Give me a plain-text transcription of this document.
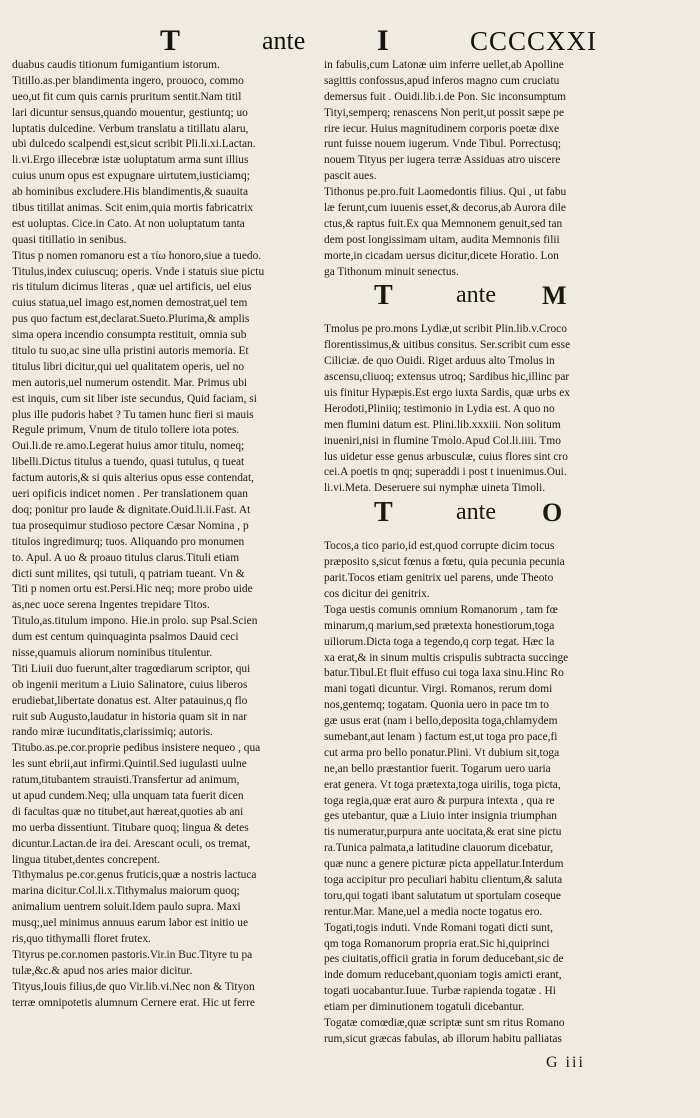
T	ante I	CCCCXXI
duabus caudis titionum fumigantium istorum.
Titillo.as.per blandimenta ingero, prouoco, commo
ueo,ut fit cum quis carnis pruritum sentit.Nam titil
lari dicuntur sensus,quando mouentur, gestiuntq; uo
luptatis dulcedine. Verbum translatu a titillatu alaru,
ubi dulcedo scalpendi est,sicut scribit Pli.li.xi.Lactan.
li.vi.Ergo illecebræ istæ uoluptatum arma sunt illius
cuius unum opus est expugnare uirtutem,iusticiamq;
ab hominibus excludere.His blandimentis,& suauita
tibus titillat animas. Scit enim,quia mortis fabricatrix
est uoluptas. Cice.in Cato. At non uoluptatum tanta
quasi titillatio in senibus.
Titus p nomen romanoru est a τίω honoro,siue a tuedo.
Titulus,index cuiuscuq; operis. Vnde i statuis siue pictu
ris titulum dicimus literas , quæ uel artificis, uel eius
cuius statua,uel imago est,nomen demostrat,uel tem
pus quo factum est,declarat.Sueto.Plurima,& amplis
sima opera incendio consumpta restituit, omnia sub
titulo tu suo,ac sine ulla pristini autoris memoria. Et
titulus libri dicitur,qui uel qualitatem operis, uel no
men autoris,uel numerum ostendit. Mar. Primus ubi
est inquis, cum sit liber iste secundus, Quid faciam, si
plus ille pudoris habet ? Tu tamen hunc fieri si mauis
Regule primum, Vnum de titulo tollere iota potes.
Oui.li.de re.amo.Legerat huius amor titulu, nomeq;
libelli.Dictus titulus a tuendo, quasi tutulus, q tueat
factum autoris,& si quis alterius opus esse contendat,
ueri opificis indicet nomen . Per translationem quan
doq; ponitur pro laude & dignitate.Ouid.li.ii.Fast. At
tua prosequimur studioso pectore Cæsar Nomina , p
titulos ingredimurq; tuos. Aliquando pro monumen
to. Apul. A uo & proauo titulus clarus.Tituli etiam
dicti sunt milites, qsi tutuli, q patriam tueant. Vn &
Titi p nomen ortu est.Persi.Hic neq; more probo uide
as,nec uoce serena Ingentes trepidare Titos.
Titulo,as.titulum impono. Hie.in prolo. sup Psal.Scien
dum est centum quinquaginta psalmos Dauid ceci
nisse,quamuis aliorum nominibus titulentur.
Titi Liuii duo fuerunt,alter tragœdiarum scriptor, qui
ob ingenii meritum a Liuio Salinatore, cuius liberos
erudiebat,libertate donatus est. Alter patauinus,q flo
ruit sub Augusto,laudatur in historia quam sit in nar
rando miræ iucunditatis,clarissimiq; autoris.
Titubo.as.pe.cor.proprie pedibus insistere nequeo , qua
les sunt ebrii,aut infirmi.Quintil.Sed iugulasti uulne
ratum,titubantem strauisti.Transfertur ad animum,
ut apud cundem.Neq; ulla unquam tata fuerit dicen
di facultas quæ no titubet,aut hæreat,quoties ab ani
mo uerba dissentiunt. Titubare quoq; lingua & detes
dicuntur.Lactan.de ira dei. Arescant oculi, os tremat,
lingua titubet,dentes concrepent.
Tithymalus pe.cor.genus fruticis,quæ a nostris lactuca
marina dicitur.Col.li.x.Tithymalus maiorum quoq;
animalium uentrem soluit.Idem paulo supra. Maxi
musq;,uel minimus annuus earum labor est initio ue
ris,quo tithymalli floret frutex.
Tityrus pe.cor.nomen pastoris.Vir.in Buc.Tityre tu pa
tulæ,&c.& apud nos aries maior dicitur.
Tityus,Iouis filius,de quo Vir.lib.vi.Nec non & Tityon
terræ omnipotetis alumnum Cernere erat. Hic ut ferre
in fabulis,cum Latonæ uim inferre uellet,ab Apolline
sagittis confossus,apud inferos magno cum cruciatu
demersus fuit . Ouidi.lib.i.de Pon. Sic inconsumptum
Tityi,semperq; renascens Non perit,ut possit sæpe pe
rire iecur. Huius magnitudinem corporis poetæ dixe
runt fuisse nouem iugerum. Vnde Tibul. Porrectusq;
nouem Tityus per iugera terræ Assiduas atro uiscere
pascit aues.
Tithonus pe.pro.fuit Laomedontis filius. Qui , ut fabu
læ ferunt,cum iuuenis esset,& decorus,ab Aurora dile
ctus,& raptus fuit.Ex qua Memnonem genuit,sed tan
dem post longissimam uitam, audita Memnonis filii
morte,in cicadam uersus dicitur,dicete Horatio. Lon
ga Tithonum minuit senectus.
T	ante M
Tmolus pe pro.mons Lydiæ,ut scribit Plin.lib.v.Croco
florentissimus,& uitibus consitus. Ser.scribit cum esse
Ciliciæ. de quo Ouidi. Riget arduus alto Tmolus in
ascensu,cliuoq; extensus utroq; Sardibus hic,illinc par
uis finitur Hypæpis.Est ergo iuxta Sardis, quæ urbs ex
Herodoti,Pliniiq; testimonio in Lydia est. A quo no
men flumini datum est. Plini.lib.xxxiii. Non solitum
inueniri,nisi in flumine Tmolo.Apud Col.li.iiii. Tmo
lus uidetur esse genus arbusculæ, cuius flores sint cro
cei.A poetis tn qnq; superaddi i post t inuenimus.Oui.
li.vi.Meta. Deseruere sui nymphæ uineta Timoli.
T	ante O
Tocos,a tico pario,id est,quod corrupte dicim tocus
præposito s,sicut fœnus a fœtu, quia pecunia pecunia
parit.Tocos etiam genitrix uel parens, unde Theoto
cos dicitur dei genitrix.
Toga uestis comunis omnium Romanorum , tam fœ
minarum,q marium,sed prætexta honestiorum,toga
uiliorum.Dicta toga a tegendo,q corp tegat. Hæc la
xa erat,& in sinum multis crispulis subtracta succinge
batur.Tibul.Et fluit effuso cui toga laxa sinu.Hinc Ro
mani togati dicuntur. Virgi. Romanos, rerum domi
nos,gentemq; togatam. Quonia uero in pace tm to
gæ usus erat (nam i bello,deposita toga,chlamydem
sumebant,aut lenam ) factum est,ut toga pro pace,fi
cut arma pro bello ponatur.Plini. Vt dubium sit,toga
ne,an bello præstantior fuerit. Togarum uero uaria
erat genera. Vt toga prætexta,toga uirilis, toga picta,
toga regia,quæ erat auro & purpura intexta , qua re
ges utebantur, quæ a Liuio inter insignia triumphan
tis numeratur,purpura ante uocitata,& erat sine pictu
ra.Tunica palmata,a latitudine clauorum dicebatur,
quæ nunc a genere picturæ picta appellatur.Interdum
toga accipitur pro peculiari habitu clientum,& saluta
toru,qui togati ibant salutatum ut sportulam coseque
rentur.Mar. Mane,uel a media nocte togatus ero.
Togati,togis induti. Vnde Romani togati dicti sunt,
qm toga Romanorum propria erat.Sic hi,quiprinci
pes ciuitatis,officii gratia in forum deducebant,sic de
inde domum reducebant,quoniam togis amicti erant,
togati uocabantur.Iuue. Turbæ rapienda togatæ . Hi
etiam per diminutionem togatuli dicebantur.
Togatæ comœdiæ,quæ scriptæ sunt sm ritus Romano
rum,sicut græcas fabulas, ab illorum habitu palliatas
G iii
